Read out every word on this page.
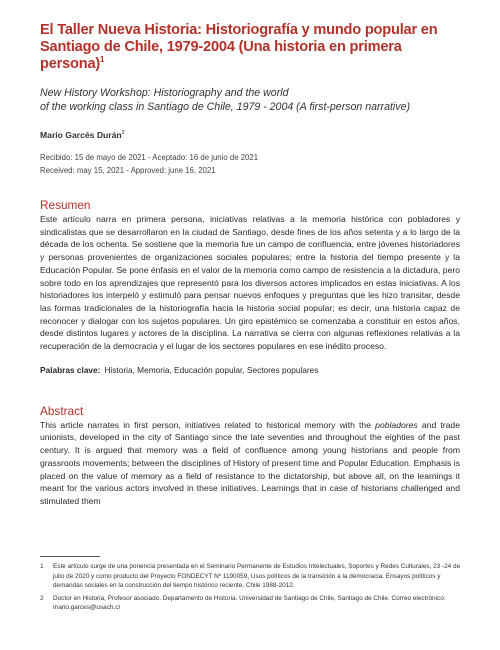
El Taller Nueva Historia: Historiografía y mundo popular en Santiago de Chile, 1979-2004 (Una historia en primera persona)$^1$
New History Workshop: Historiography and the world
of the working class in Santiago de Chile, 1979 - 2004 (A first-person narrative)
Mario Garcés Durán$^2$
Recibido: 15 de mayo de 2021 - Aceptado: 16 de junio de 2021
Received: may 15, 2021 - Approved: june 16, 2021
Resumen
Este artículo narra en primera persona, iniciativas relativas a la memoria histórica con pobladores y sindicalistas que se desarrollaron en la ciudad de Santiago, desde fines de los años setenta y a lo largo de la década de los ochenta. Se sostiene que la memoria fue un campo de confluencia, entre jóvenes historiadores y personas provenientes de organizaciones sociales populares; entre la historia del tiempo presente y la Educación Popular. Se pone énfasis en el valor de la memoria como campo de resistencia a la dictadura, pero sobre todo en los aprendizajes que representó para los diversos actores implicados en estas iniciativas. A los historiadores los interpeló y estimuló para pensar nuevos enfoques y preguntas que les hizo transitar, desde las formas tradicionales de la historiografía hacia la historia social popular; es decir, una historia capaz de reconocer y dialogar con los sujetos populares. Un giro epistémico se comenzaba a constituir en estos años, desde distintos lugares y actores de la disciplina. La narrativa se cierra con algunas reflexiones relativas a la recuperación de la democracia y el lugar de los sectores populares en ese inédito proceso.
Palabras clave: Historia, Memoria, Educación popular, Sectores populares
Abstract
This article narrates in first person, initiatives related to historical memory with the pobladores and trade unionists, developed in the city of Santiago since the late seventies and throughout the eighties of the past century. It is argued that memory was a field of confluence among young historians and people from grassroots movements; between the disciplines of History of present time and Popular Education. Emphasis is placed on the value of memory as a field of resistance to the dictatorship, but above all, on the learnings it meant for the various actors involved in these initiatives. Learnings that in case of historians challenged and stimulated them
1	Este artículo surge de una ponencia presentada en el Seminario Permanente de Estudios Intelectuales, Soportes y Redes Culturales, 23 -24 de julio de 2020 y como producto del Proyecto FONDECYT Nº 1190059, Usos políticos de la transición a la democracia. Ensayos políticos y demandas sociales en la construcción del tiempo histórico reciente, Chile 1988-2012.
2	Doctor en Historia, Profesor asociado. Departamento de Historia. Universidad de Santiago de Chile, Santiago de Chile. Correo electrónico: mario.garces@usach.cl
